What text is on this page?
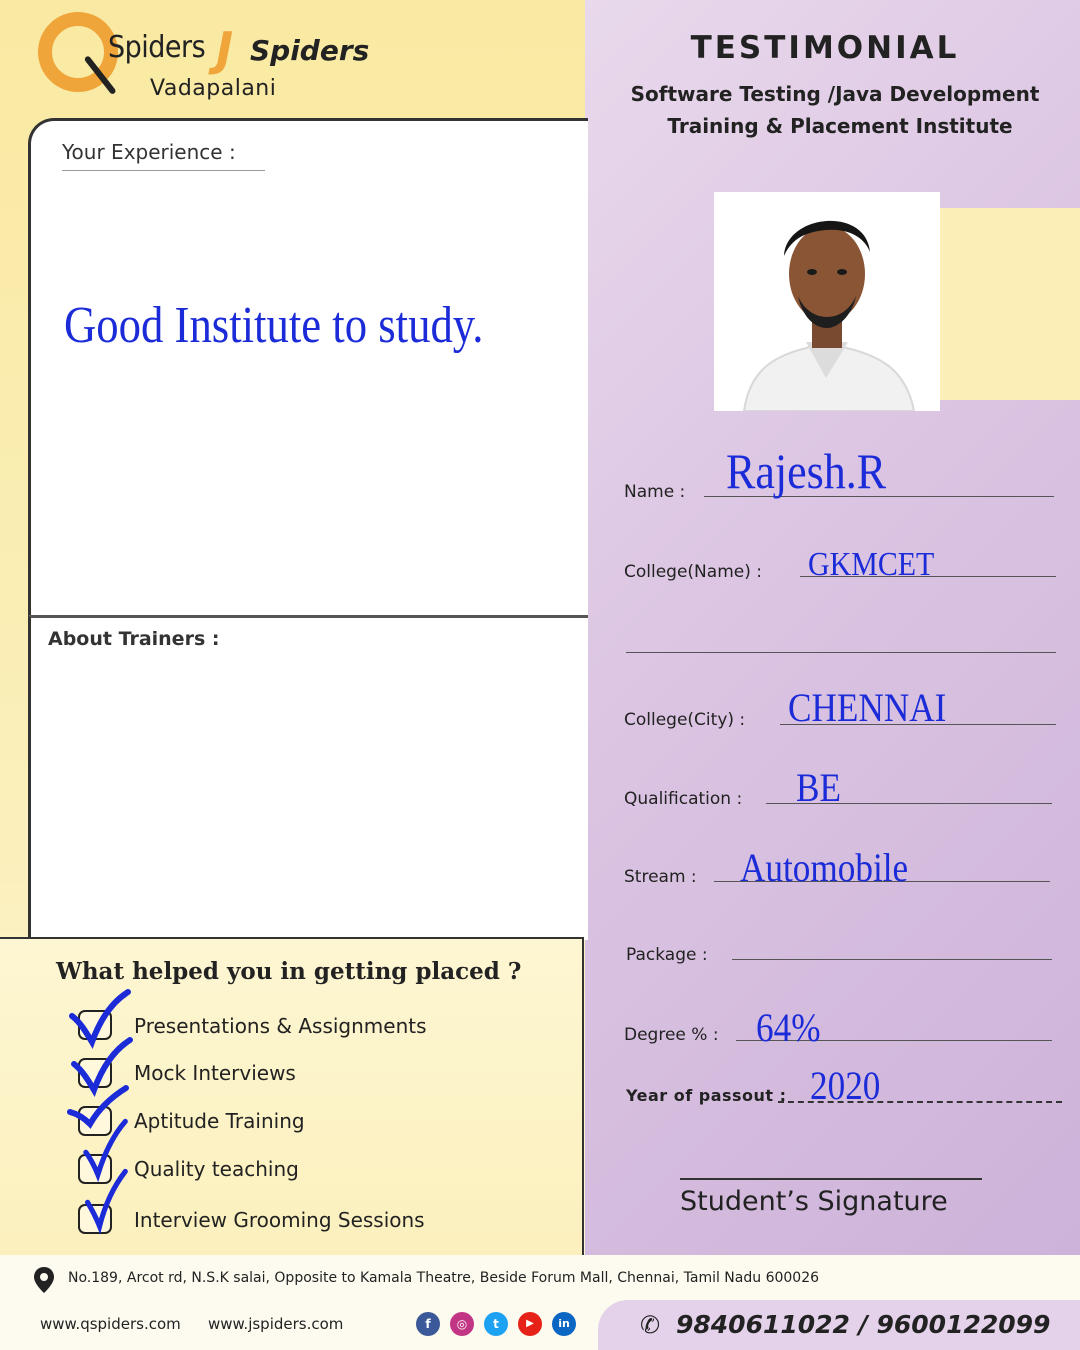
Spiders J Spiders
Vadapalani
TESTIMONIAL
Software Testing /Java Development
Training & Placement Institute
Your Experience :
Good Institute to study.
About Trainers :
Name : Rajesh.R
College(Name) : GKMCET
College(City) : CHENNAI
Qualification : BE
Stream : Automobile
Package :
Degree % : 64%
Year of passout : 2020
What helped you in getting placed ?
Presentations & Assignments
Mock Interviews
Aptitude Training
Quality teaching
Interview Grooming Sessions
Student’s Signature
No.189, Arcot rd, N.S.K salai, Opposite to Kamala Theatre, Beside Forum Mall, Chennai, Tamil Nadu 600026
www.qspiders.com www.jspiders.com	f	◎	t	▶	in	✆ 9840611022 / 9600122099
